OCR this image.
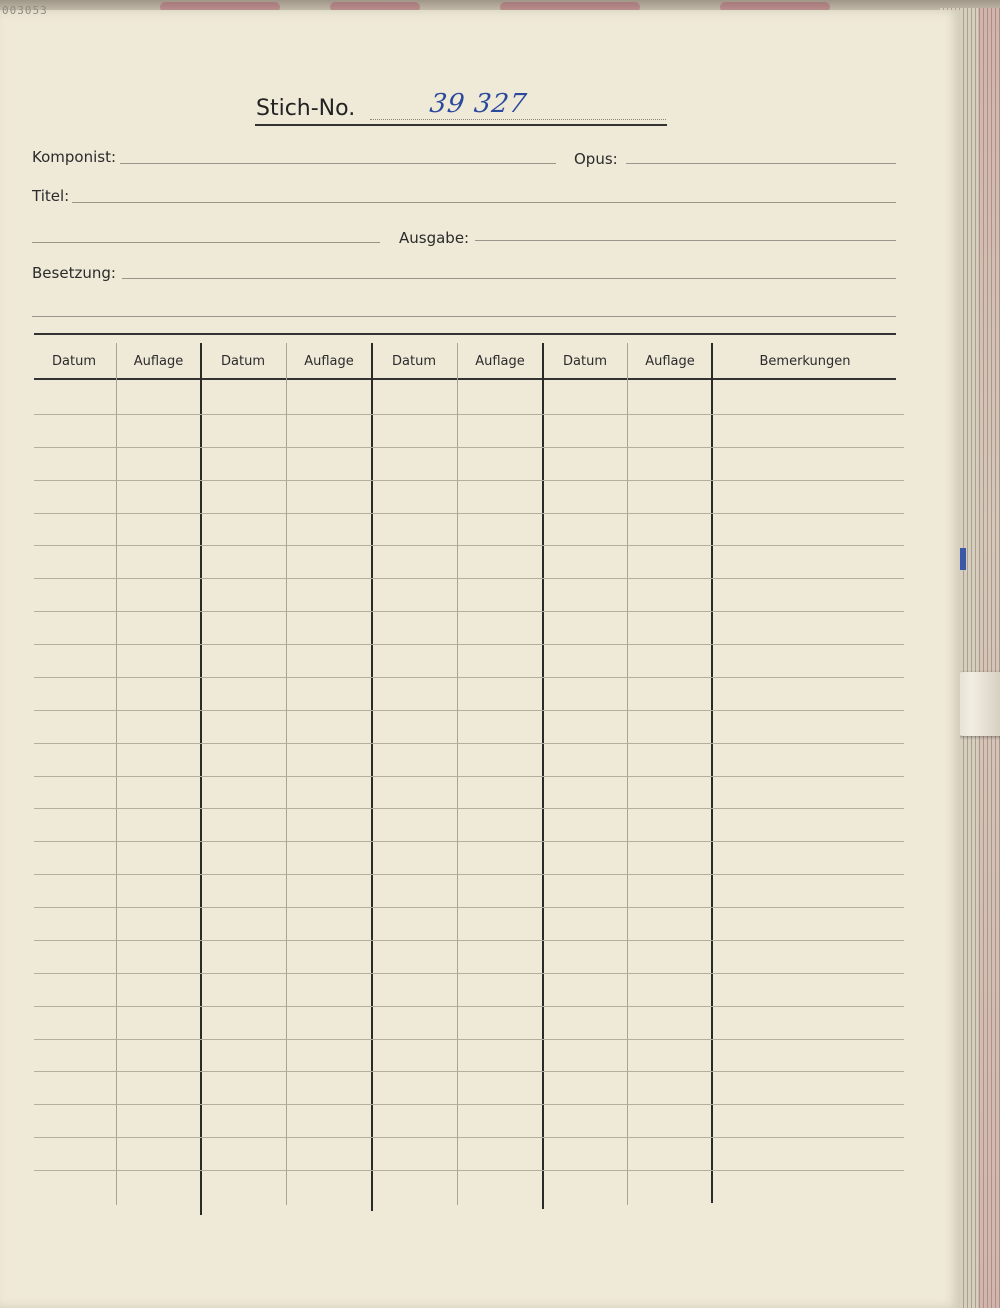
003053
Stich-No.	39 327
Komponist:	Opus:
Titel:
Ausgabe:
Besetzung:
Datum	Auflage	Datum	Auflage	Datum	Auflage	Datum	Auflage	Bemerkungen
